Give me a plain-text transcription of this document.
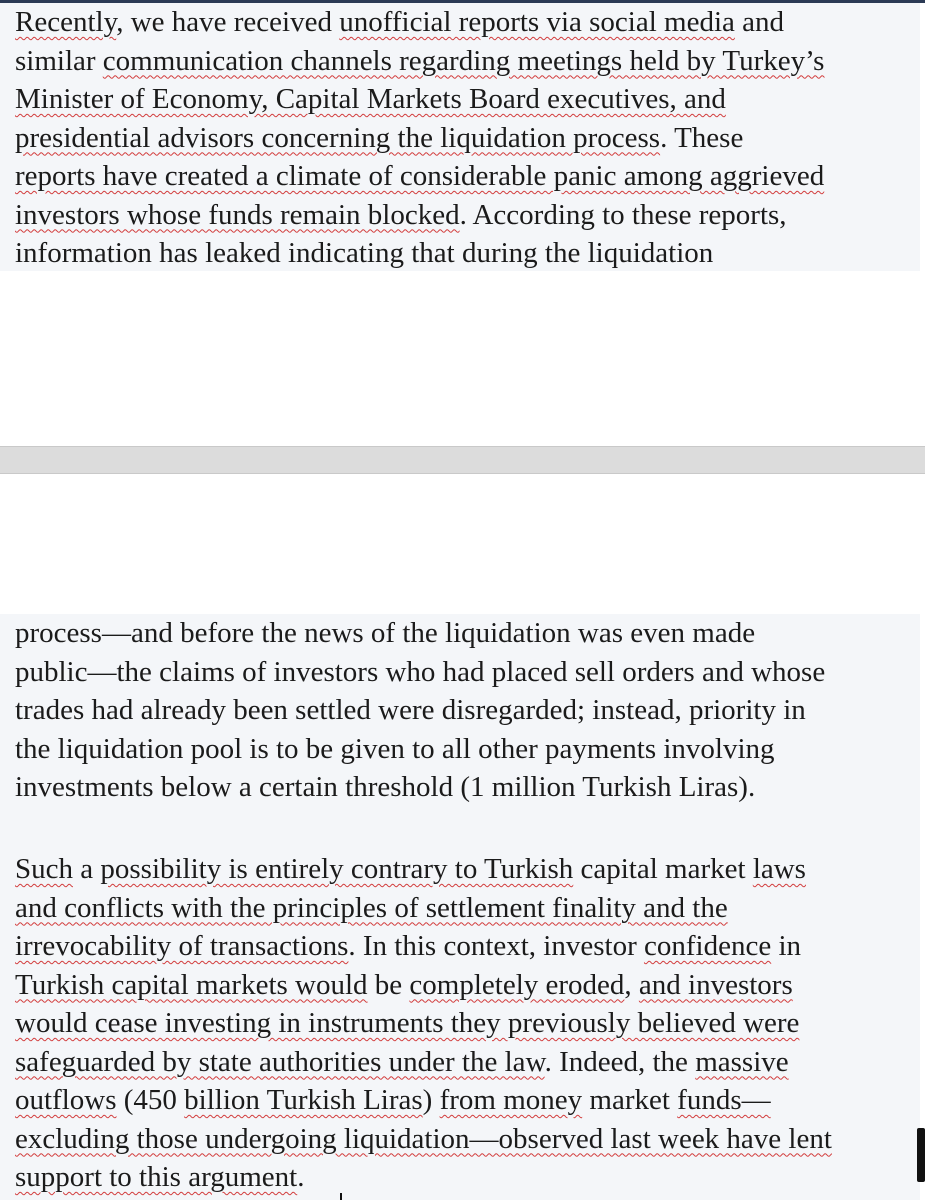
Recently, we have received unofficial reports via social media and
similar communication channels regarding meetings held by Turkey’s
Minister of Economy, Capital Markets Board executives, and
presidential advisors concerning the liquidation process. These
reports have created a climate of considerable panic among aggrieved
investors whose funds remain blocked. According to these reports,
information has leaked indicating that during the liquidation
process—and before the news of the liquidation was even made
public—the claims of investors who had placed sell orders and whose
trades had already been settled were disregarded; instead, priority in
the liquidation pool is to be given to all other payments involving
investments below a certain threshold (1 million Turkish Liras).
Such a possibility is entirely contrary to Turkish capital market laws
and conflicts with the principles of settlement finality and the
irrevocability of transactions. In this context, investor confidence in
Turkish capital markets would be completely eroded, and investors
would cease investing in instruments they previously believed were
safeguarded by state authorities under the law. Indeed, the massive
outflows (450 billion Turkish Liras) from money market funds—
excluding those undergoing liquidation—observed last week have lent
support to this argument.
